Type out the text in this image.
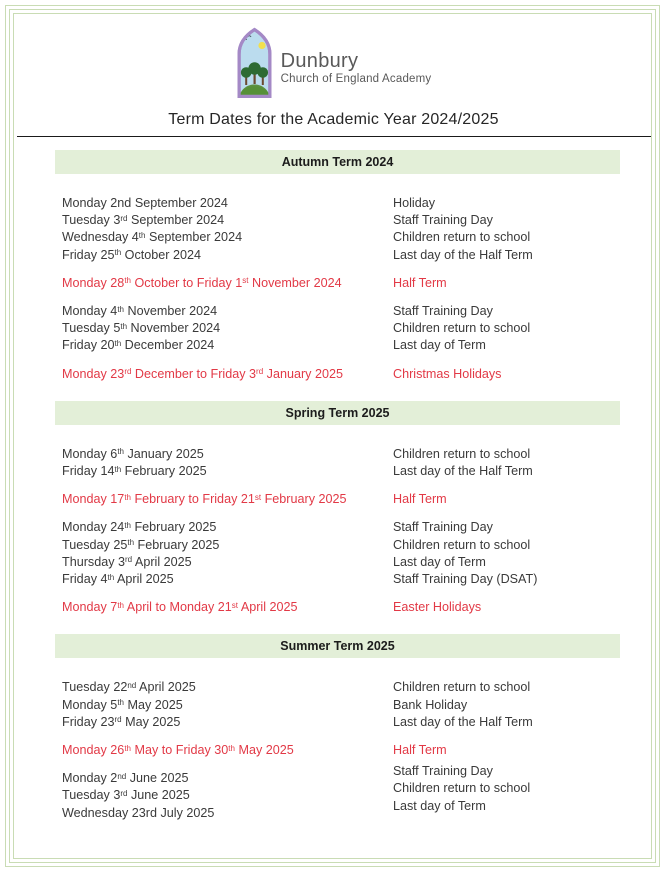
Dunbury
Church of England Academy
Term Dates for the Academic Year 2024/2025
Autumn Term 2024
Monday 2nd September 2024	Holiday
Tuesday 3rd September 2024	Staff Training Day
Wednesday 4th September 2024	Children return to school
Friday 25th October 2024	Last day of the Half Term
Monday 28th October to Friday 1st November 2024	Half Term
Monday 4th November 2024	Staff Training Day
Tuesday 5th November 2024	Children return to school
Friday 20th December 2024	Last day of Term
Monday 23rd December to Friday 3rd January 2025	Christmas Holidays
Spring Term 2025
Monday 6th January 2025	Children return to school
Friday 14th February 2025	Last day of the Half Term
Monday 17th February to Friday 21st February 2025	Half Term
Monday 24th February 2025	Staff Training Day
Tuesday 25th February 2025	Children return to school
Thursday 3rd April 2025	Last day of Term
Friday 4th April 2025	Staff Training Day (DSAT)
Monday 7th April to Monday 21st April 2025	Easter Holidays
Summer Term 2025
Tuesday 22nd April 2025	Children return to school
Monday 5th May 2025	Bank Holiday
Friday 23rd May 2025	Last day of the Half Term
Monday 26th May to Friday 30th May 2025	Half Term
Monday 2nd June 2025	Staff Training Day
Tuesday 3rd June 2025	Children return to school
Wednesday 23rd July 2025	Last day of Term
